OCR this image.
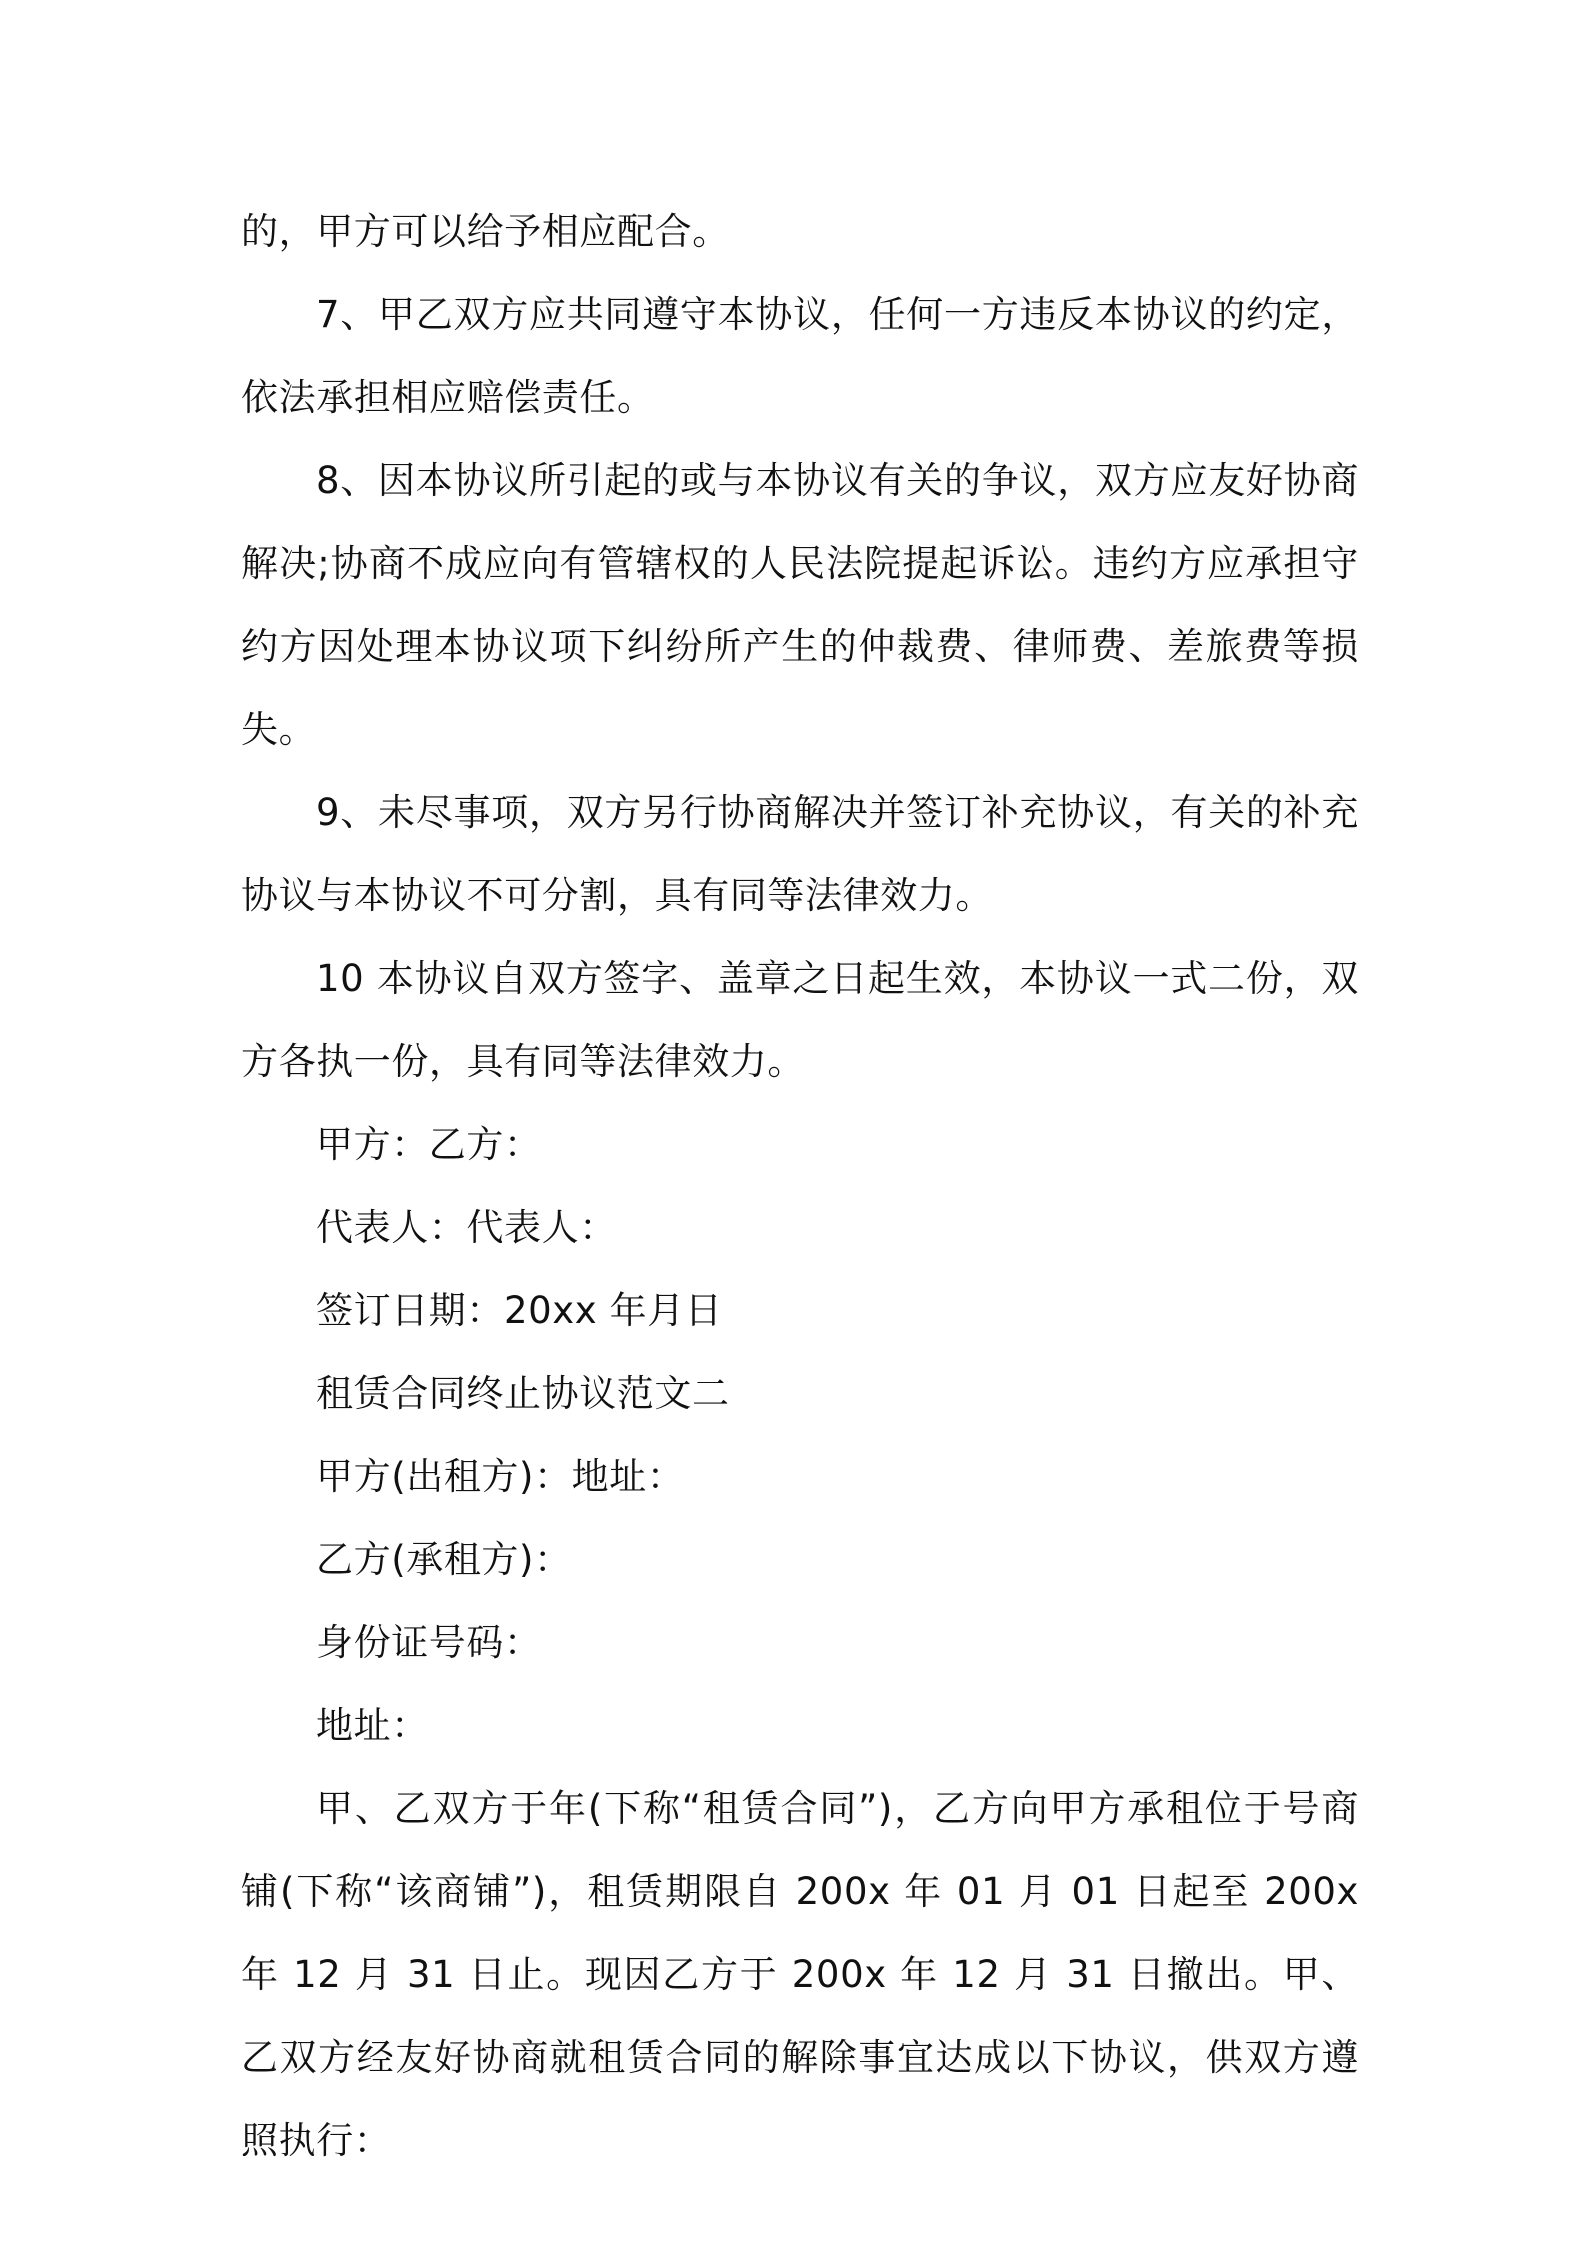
的，甲方可以给予相应配合。

7、甲乙双方应共同遵守本协议，任何一方违反本协议的约定，依法承担相应赔偿责任。

8、因本协议所引起的或与本协议有关的争议，双方应友好协商解决;协商不成应向有管辖权的人民法院提起诉讼。违约方应承担守约方因处理本协议项下纠纷所产生的仲裁费、律师费、差旅费等损失。

9、未尽事项，双方另行协商解决并签订补充协议，有关的补充协议与本协议不可分割，具有同等法律效力。

10 本协议自双方签字、盖章之日起生效，本协议一式二份，双方各执一份，具有同等法律效力。

甲方：乙方：

代表人：代表人：

签订日期：20xx 年月日

租赁合同终止协议范文二

甲方(出租方)：地址：

乙方(承租方)：

身份证号码：

地址：

甲、乙双方于年(下称“租赁合同”)，乙方向甲方承租位于号商铺(下称“该商铺”)，租赁期限自 200x 年 01 月 01 日起至 200x 年 12 月 31 日止。现因乙方于 200x 年 12 月 31 日撤出。甲、乙双方经友好协商就租赁合同的解除事宜达成以下协议，供双方遵照执行：
